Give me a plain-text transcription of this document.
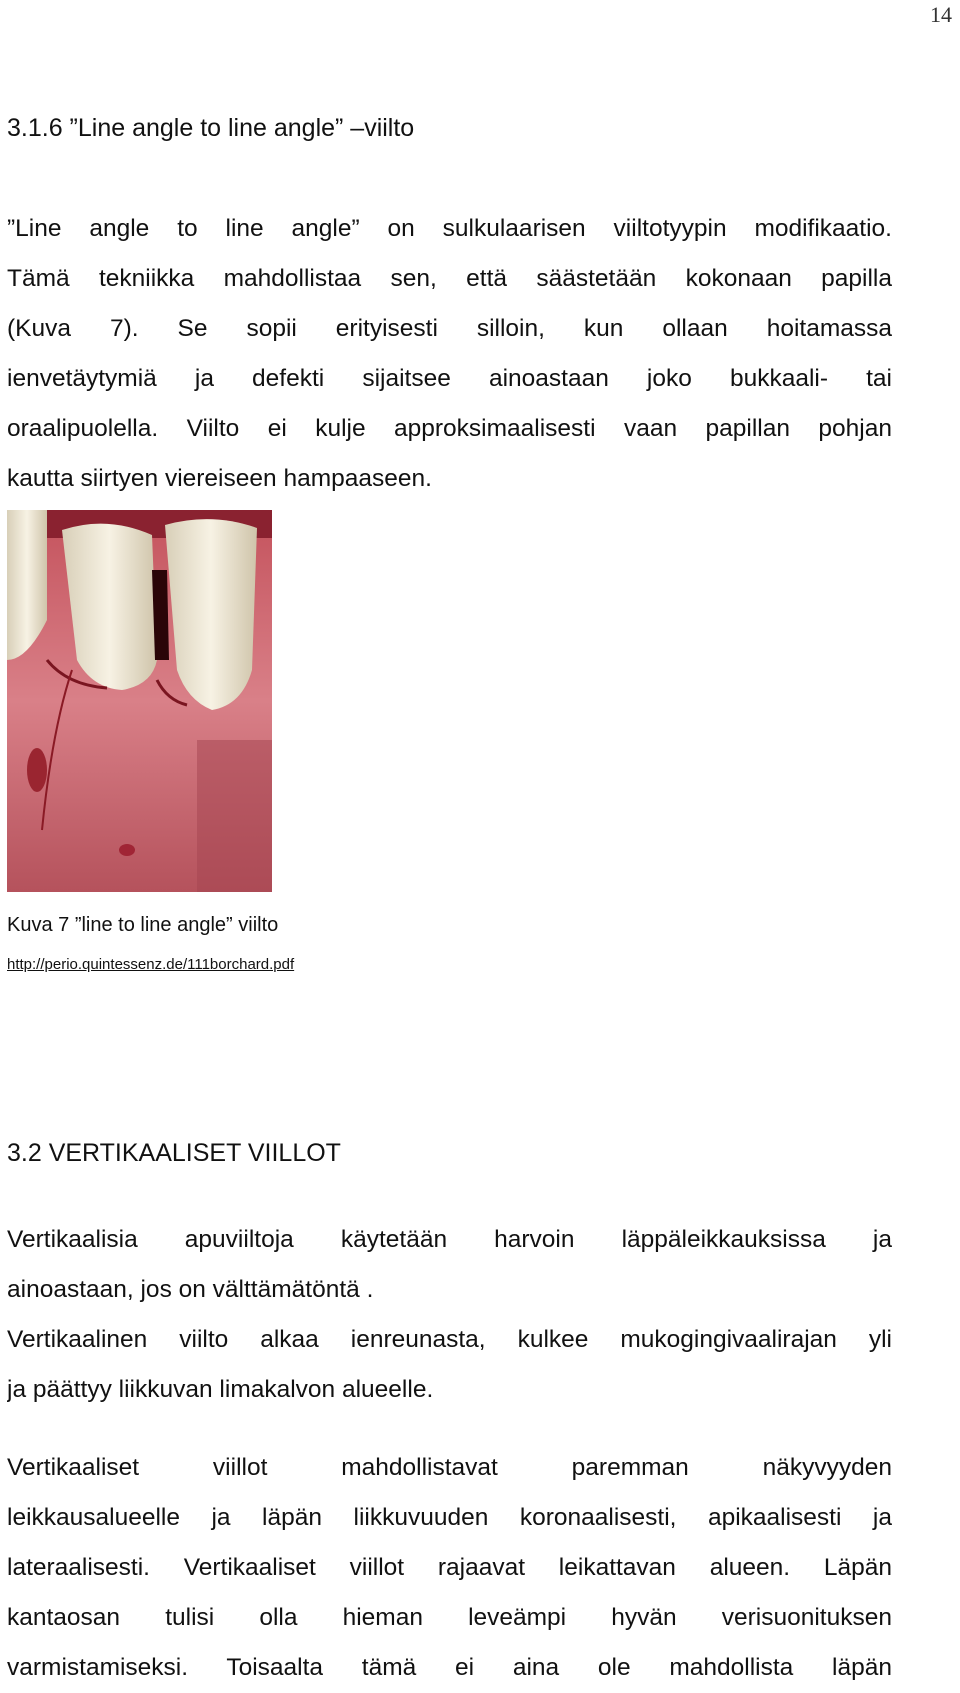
14
3.1.6 ”Line angle to line angle” –viilto
”Line angle to line angle” on sulkulaarisen viiltotyypin modifikaatio.
Tämä tekniikka mahdollistaa sen, että säästetään kokonaan papilla
(Kuva 7). Se sopii erityisesti silloin, kun ollaan hoitamassa
ienvetäytymiä ja defekti sijaitsee ainoastaan joko bukkaali- tai
oraalipuolella. Viilto ei kulje approksimaalisesti vaan papillan pohjan
kautta siirtyen viereiseen hampaaseen.
Kuva 7 ”line to line angle” viilto
http://perio.quintessenz.de/111borchard.pdf
3.2 VERTIKAALISET VIILLOT
Vertikaalisia apuviiltoja käytetään harvoin läppäleikkauksissa ja
ainoastaan, jos on välttämätöntä .
Vertikaalinen viilto alkaa ienreunasta, kulkee mukogingivaalirajan yli
ja päättyy liikkuvan limakalvon alueelle.
Vertikaaliset viillot mahdollistavat paremman näkyvyyden
leikkausalueelle ja läpän liikkuvuuden koronaalisesti, apikaalisesti ja
lateraalisesti. Vertikaaliset viillot rajaavat leikattavan alueen. Läpän
kantaosan tulisi olla hieman leveämpi hyvän verisuonituksen
varmistamiseksi. Toisaalta tämä ei aina ole mahdollista läpän
